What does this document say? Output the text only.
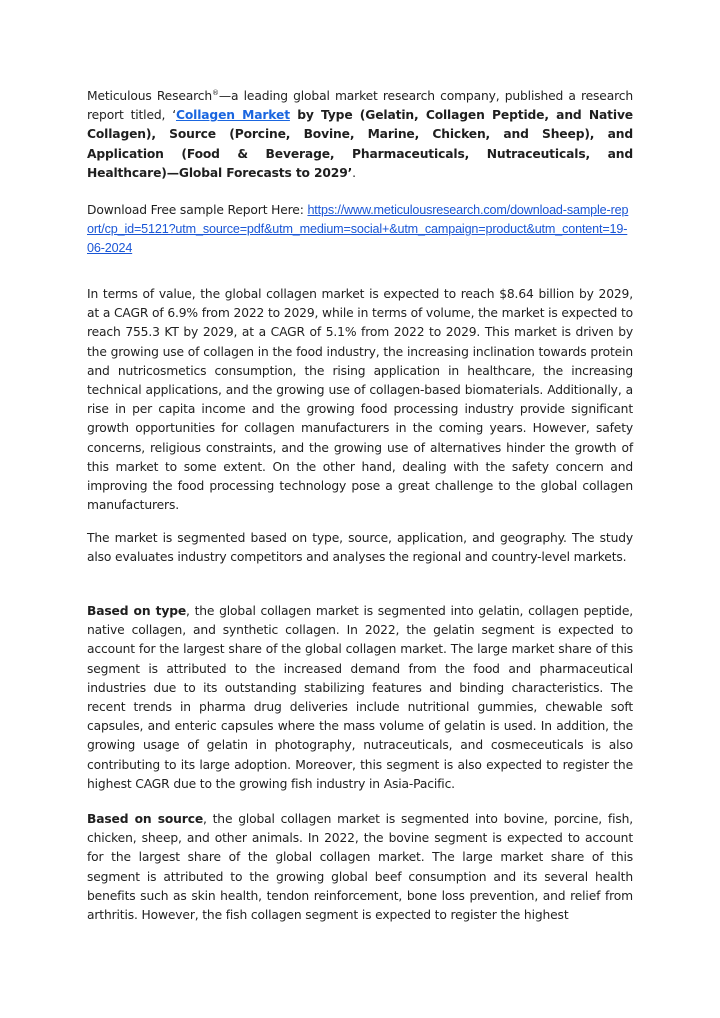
Meticulous Research®—a leading global market research company, published a research report titled, ‘Collagen Market by Type (Gelatin, Collagen Peptide, and Native Collagen), Source (Porcine, Bovine, Marine, Chicken, and Sheep), and Application (Food & Beverage, Pharmaceuticals, Nutraceuticals, and Healthcare)—Global Forecasts to 2029’.
Download Free sample Report Here: https://www.meticulousresearch.com/download-sample-report/cp_id=5121?utm_source=pdf&utm_medium=social+&utm_campaign=product&utm_content=19-06-2024
In terms of value, the global collagen market is expected to reach $8.64 billion by 2029, at a CAGR of 6.9% from 2022 to 2029, while in terms of volume, the market is expected to reach 755.3 KT by 2029, at a CAGR of 5.1% from 2022 to 2029. This market is driven by the growing use of collagen in the food industry, the increasing inclination towards protein and nutricosmetics consumption, the rising application in healthcare, the increasing technical applications, and the growing use of collagen-based biomaterials. Additionally, a rise in per capita income and the growing food processing industry provide significant growth opportunities for collagen manufacturers in the coming years. However, safety concerns, religious constraints, and the growing use of alternatives hinder the growth of this market to some extent. On the other hand, dealing with the safety concern and improving the food processing technology pose a great challenge to the global collagen manufacturers.
The market is segmented based on type, source, application, and geography. The study also evaluates industry competitors and analyses the regional and country-level markets.
Based on type, the global collagen market is segmented into gelatin, collagen peptide, native collagen, and synthetic collagen. In 2022, the gelatin segment is expected to account for the largest share of the global collagen market. The large market share of this segment is attributed to the increased demand from the food and pharmaceutical industries due to its outstanding stabilizing features and binding characteristics. The recent trends in pharma drug deliveries include nutritional gummies, chewable soft capsules, and enteric capsules where the mass volume of gelatin is used. In addition, the growing usage of gelatin in photography, nutraceuticals, and cosmeceuticals is also contributing to its large adoption. Moreover, this segment is also expected to register the highest CAGR due to the growing fish industry in Asia-Pacific.
Based on source, the global collagen market is segmented into bovine, porcine, fish, chicken, sheep, and other animals. In 2022, the bovine segment is expected to account for the largest share of the global collagen market. The large market share of this segment is attributed to the growing global beef consumption and its several health benefits such as skin health, tendon reinforcement, bone loss prevention, and relief from arthritis. However, the fish collagen segment is expected to register the highest
